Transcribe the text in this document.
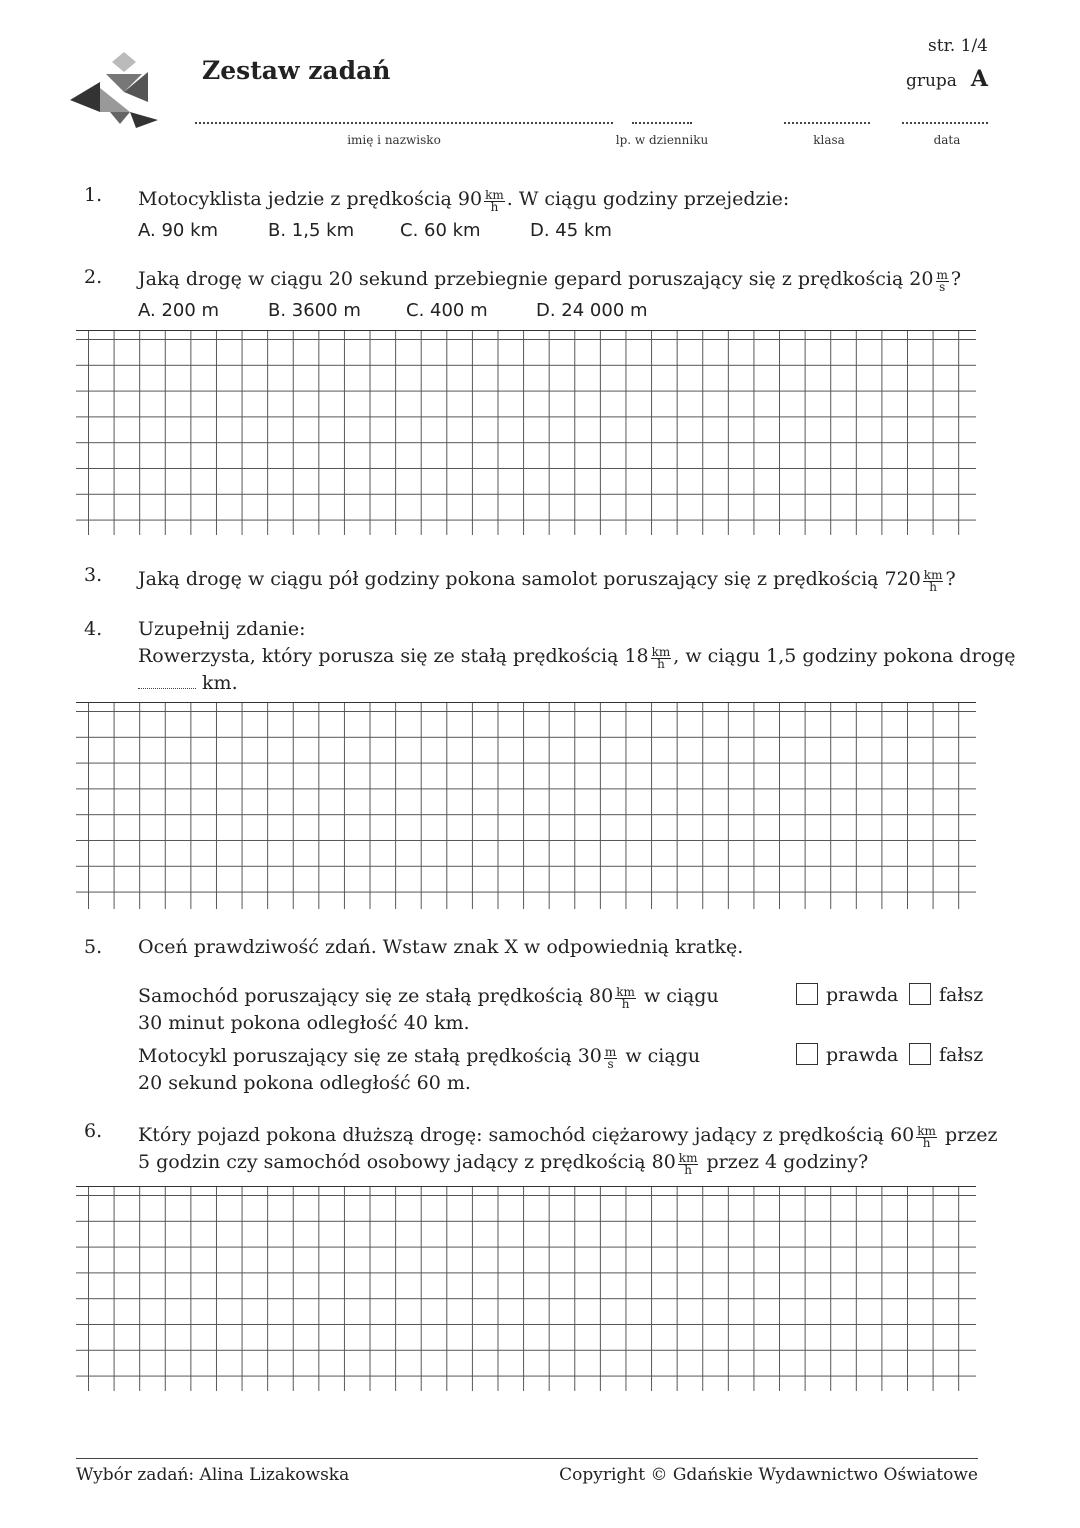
Zestaw zadań
str. 1/4
grupa A
imię i nazwisko	lp. w dzienniku	klasa	data
1. Motocyklista jedzie z prędkością $90 \frac{km}{h}$ . W ciągu godziny przejedzie:
A. 90 km	B. 1,5 km	C. 60 km	D. 45 km
2. Jaką drogę w ciągu 20 sekund przebiegnie gepard poruszający się z prędkością $20 \frac{m}{s}$ ?
A. 200 m	B. 3600 m	C. 400 m	D. 24 000 m
3. Jaką drogę w ciągu pół godziny pokona samolot poruszający się z prędkością $720 \frac{km}{h}$ ?
4. Uzupełnij zdanie:
Rowerzysta, który porusza się ze stałą prędkością $18 \frac{km}{h}$ , w ciągu 1,5 godziny pokona drogę
km.
5. Oceń prawdziwość zdań. Wstaw znak X w odpowiednią kratkę.
Samochód poruszający się ze stałą prędkością $80 \frac{km}{h}$ w ciągu
30 minut pokona odległość 40 km.
prawda	fałsz
Motocykl poruszający się ze stałą prędkością $30 \frac{m}{s}$ w ciągu
20 sekund pokona odległość 60 m.
prawda	fałsz
6. Który pojazd pokona dłuższą drogę: samochód ciężarowy jadący z prędkością $60 \frac{km}{h}$ przez
5 godzin czy samochód osobowy jadący z prędkością $80 \frac{km}{h}$ przez 4 godziny?
Wybór zadań: Alina Lizakowska	Copyright © Gdańskie Wydawnictwo Oświatowe
